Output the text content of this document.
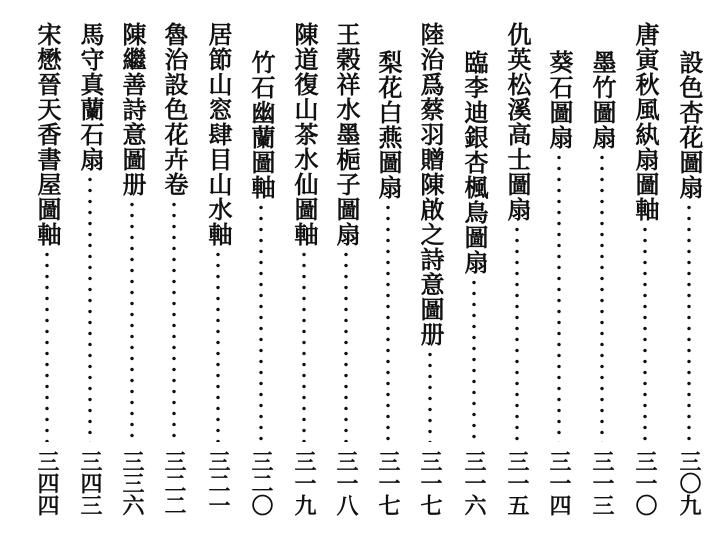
設色杏花圖扇
三〇九
唐寅秋風紈扇圖軸
三一〇
墨竹圖扇
三一三
葵石圖扇
三一四
仇英松溪高士圖扇
三一五
臨李迪銀杏楓鳥圖扇
三一六
陸治爲蔡羽贈陳啟之詩意圖册
三一七
梨花白燕圖扇
三一七
王榖祥水墨梔子圖扇
三一八
陳道復山茶水仙圖軸
三一九
竹石幽蘭圖軸
三二〇
居節山窓肆目山水軸
三二一
魯治設色花卉卷
三二二
陳繼善詩意圖册
三三六
馬守真蘭石扇
三四三
宋懋晉天香書屋圖軸
三四四
